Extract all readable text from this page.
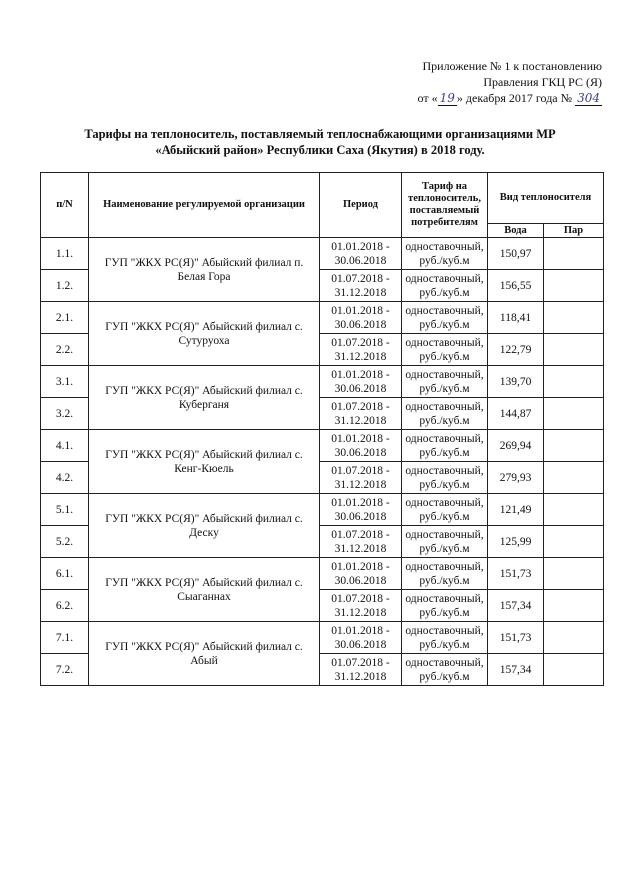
Приложение № 1 к постановлению
Правления ГКЦ РС (Я)
от « 19 » декабря 2017 года № 304
Тарифы на теплоноситель, поставляемый теплоснабжающими организациями МР
«Абыйский район» Республики Саха (Якутия) в 2018 году.
п/N	Наименование регулируемой организации	Период	Тариф на теплоноситель, поставляемый потребителям	Вид теплоносителя	
				Вода	Пар
1.1.	ГУП "ЖКХ РС(Я)" Абыйский филиал п. Белая Гора	01.01.2018 - 30.06.2018	одноставочный, руб./куб.м	150,97	
1.2.		01.07.2018 - 31.12.2018	одноставочный, руб./куб.м	156,55	
2.1.	ГУП "ЖКХ РС(Я)" Абыйский филиал с. Сутуруоха	01.01.2018 - 30.06.2018	одноставочный, руб./куб.м	118,41	
2.2.		01.07.2018 - 31.12.2018	одноставочный, руб./куб.м	122,79	
3.1.	ГУП "ЖКХ РС(Я)" Абыйский филиал с. Куберганя	01.01.2018 - 30.06.2018	одноставочный, руб./куб.м	139,70	
3.2.		01.07.2018 - 31.12.2018	одноставочный, руб./куб.м	144,87	
4.1.	ГУП "ЖКХ РС(Я)" Абыйский филиал с. Кенг-Кюель	01.01.2018 - 30.06.2018	одноставочный, руб./куб.м	269,94	
4.2.		01.07.2018 - 31.12.2018	одноставочный, руб./куб.м	279,93	
5.1.	ГУП "ЖКХ РС(Я)" Абыйский филиал с. Деску	01.01.2018 - 30.06.2018	одноставочный, руб./куб.м	121,49	
5.2.		01.07.2018 - 31.12.2018	одноставочный, руб./куб.м	125,99	
6.1.	ГУП "ЖКХ РС(Я)" Абыйский филиал с. Сыаганнах	01.01.2018 - 30.06.2018	одноставочный, руб./куб.м	151,73	
6.2.		01.07.2018 - 31.12.2018	одноставочный, руб./куб.м	157,34	
7.1.	ГУП "ЖКХ РС(Я)" Абыйский филиал с. Абый	01.01.2018 - 30.06.2018	одноставочный, руб./куб.м	151,73	
7.2.		01.07.2018 - 31.12.2018	одноставочный, руб./куб.м	157,34	
